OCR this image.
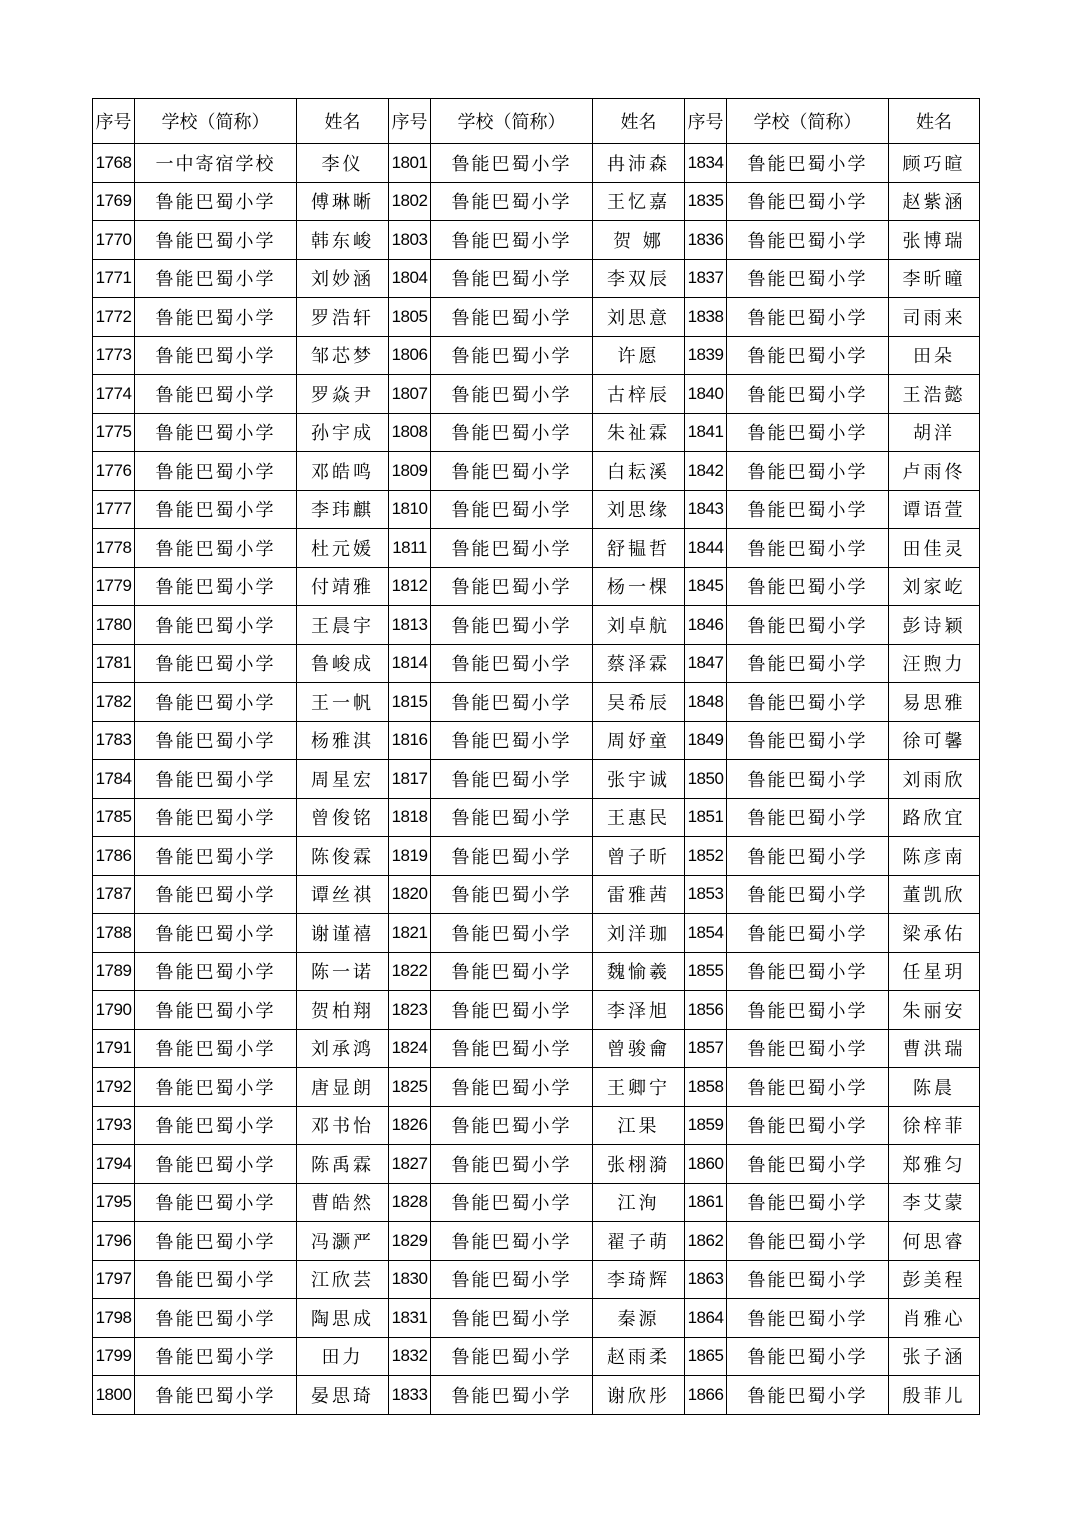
序号	学校（简称）	姓名	序号	学校（简称）	姓名	序号	学校（简称）	姓名
1768	一中寄宿学校	李仪	1801	鲁能巴蜀小学	冉沛森	1834	鲁能巴蜀小学	顾巧暄
1769	鲁能巴蜀小学	傅琳晰	1802	鲁能巴蜀小学	王忆嘉	1835	鲁能巴蜀小学	赵紫涵
1770	鲁能巴蜀小学	韩东峻	1803	鲁能巴蜀小学	贺 娜	1836	鲁能巴蜀小学	张博瑞
1771	鲁能巴蜀小学	刘妙涵	1804	鲁能巴蜀小学	李双辰	1837	鲁能巴蜀小学	李昕曈
1772	鲁能巴蜀小学	罗浩轩	1805	鲁能巴蜀小学	刘思意	1838	鲁能巴蜀小学	司雨来
1773	鲁能巴蜀小学	邹芯梦	1806	鲁能巴蜀小学	许愿	1839	鲁能巴蜀小学	田朵
1774	鲁能巴蜀小学	罗焱尹	1807	鲁能巴蜀小学	古梓辰	1840	鲁能巴蜀小学	王浩懿
1775	鲁能巴蜀小学	孙宇成	1808	鲁能巴蜀小学	朱祉霖	1841	鲁能巴蜀小学	胡洋
1776	鲁能巴蜀小学	邓皓鸣	1809	鲁能巴蜀小学	白耘溪	1842	鲁能巴蜀小学	卢雨佟
1777	鲁能巴蜀小学	李玮麒	1810	鲁能巴蜀小学	刘思缘	1843	鲁能巴蜀小学	谭语萱
1778	鲁能巴蜀小学	杜元媛	1811	鲁能巴蜀小学	舒韫哲	1844	鲁能巴蜀小学	田佳灵
1779	鲁能巴蜀小学	付靖雅	1812	鲁能巴蜀小学	杨一棵	1845	鲁能巴蜀小学	刘家屹
1780	鲁能巴蜀小学	王晨宇	1813	鲁能巴蜀小学	刘卓航	1846	鲁能巴蜀小学	彭诗颖
1781	鲁能巴蜀小学	鲁峻成	1814	鲁能巴蜀小学	蔡泽霖	1847	鲁能巴蜀小学	汪煦力
1782	鲁能巴蜀小学	王一帆	1815	鲁能巴蜀小学	吴希辰	1848	鲁能巴蜀小学	易思雅
1783	鲁能巴蜀小学	杨雅淇	1816	鲁能巴蜀小学	周妤童	1849	鲁能巴蜀小学	徐可馨
1784	鲁能巴蜀小学	周星宏	1817	鲁能巴蜀小学	张宇诚	1850	鲁能巴蜀小学	刘雨欣
1785	鲁能巴蜀小学	曾俊铭	1818	鲁能巴蜀小学	王惠民	1851	鲁能巴蜀小学	路欣宜
1786	鲁能巴蜀小学	陈俊霖	1819	鲁能巴蜀小学	曾子昕	1852	鲁能巴蜀小学	陈彦南
1787	鲁能巴蜀小学	谭丝祺	1820	鲁能巴蜀小学	雷雅茜	1853	鲁能巴蜀小学	董凯欣
1788	鲁能巴蜀小学	谢谨禧	1821	鲁能巴蜀小学	刘洋珈	1854	鲁能巴蜀小学	梁承佑
1789	鲁能巴蜀小学	陈一诺	1822	鲁能巴蜀小学	魏愉羲	1855	鲁能巴蜀小学	任星玥
1790	鲁能巴蜀小学	贺柏翔	1823	鲁能巴蜀小学	李泽旭	1856	鲁能巴蜀小学	朱丽安
1791	鲁能巴蜀小学	刘承鸿	1824	鲁能巴蜀小学	曾骏龠	1857	鲁能巴蜀小学	曹洪瑞
1792	鲁能巴蜀小学	唐显朗	1825	鲁能巴蜀小学	王卿宁	1858	鲁能巴蜀小学	陈晨
1793	鲁能巴蜀小学	邓书怡	1826	鲁能巴蜀小学	江果	1859	鲁能巴蜀小学	徐梓菲
1794	鲁能巴蜀小学	陈禹霖	1827	鲁能巴蜀小学	张栩漪	1860	鲁能巴蜀小学	郑雅匀
1795	鲁能巴蜀小学	曹皓然	1828	鲁能巴蜀小学	江洵	1861	鲁能巴蜀小学	李艾蒙
1796	鲁能巴蜀小学	冯灏严	1829	鲁能巴蜀小学	翟子萌	1862	鲁能巴蜀小学	何思睿
1797	鲁能巴蜀小学	江欣芸	1830	鲁能巴蜀小学	李琦辉	1863	鲁能巴蜀小学	彭美程
1798	鲁能巴蜀小学	陶思成	1831	鲁能巴蜀小学	秦源	1864	鲁能巴蜀小学	肖雅心
1799	鲁能巴蜀小学	田力	1832	鲁能巴蜀小学	赵雨柔	1865	鲁能巴蜀小学	张子涵
1800	鲁能巴蜀小学	晏思琦	1833	鲁能巴蜀小学	谢欣彤	1866	鲁能巴蜀小学	殷菲儿
